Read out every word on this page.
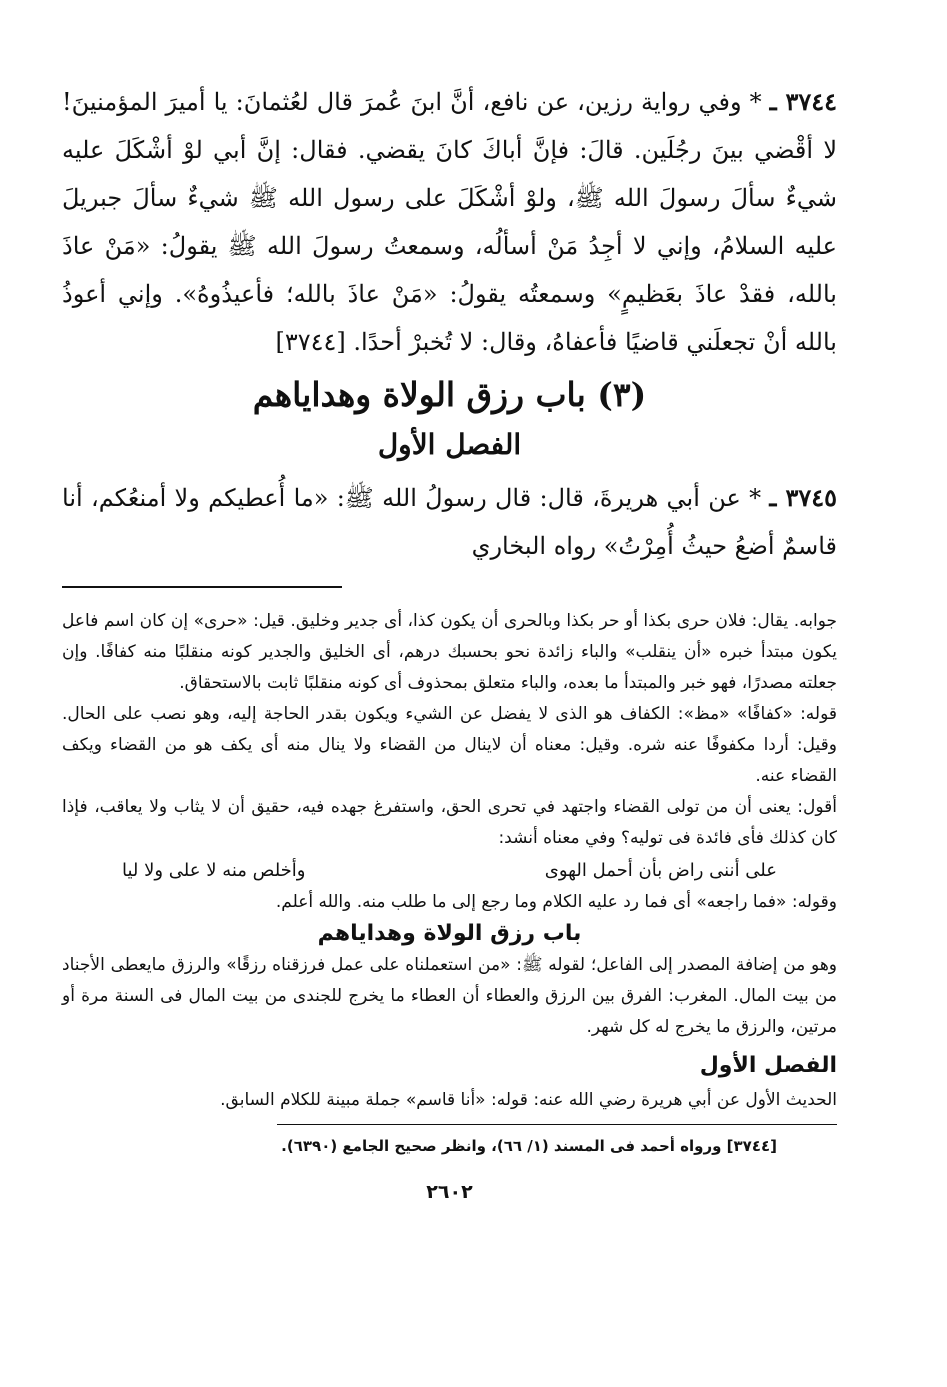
٣٧٤٤ ـ * وفي رواية رزين، عن نافع، أنَّ ابنَ عُمرَ قال لعُثمانَ: يا أميرَ المؤمنينَ! لا أقْضي بينَ رجُلَين. قالَ: فإنَّ أباكَ كانَ يقضي. فقال: إنَّ أبي لوْ أشْكَلَ عليه شيءٌ سألَ رسولَ الله ﷺ، ولوْ أشْكَلَ على رسول الله ﷺ شيءٌ سألَ جبريلَ عليه السلامُ، وإني لا أجِدُ مَنْ أسألُه، وسمعتُ رسولَ الله ﷺ يقولُ: «مَنْ عاذَ بالله، فقدْ عاذَ بعَظيمٍ» وسمعتُه يقولُ: «مَنْ عاذَ بالله؛ فأعيذُوهُ». وإني أعوذُ بالله أنْ تجعلَني قاضيًا فأعفاهُ، وقال: لا تُخبرْ أحدًا. [٣٧٤٤]

(٣) باب رزق الولاة وهداياهم
الفصل الأول

٣٧٤٥ ـ * عن أبي هريرةَ، قال: قال رسولُ الله ﷺ: «ما أُعطيكم ولا أمنعُكم، أنا قاسمٌ أضعُ حيثُ أُمِرْتُ» رواه البخاري

جوابه. يقال: فلان حرى بكذا أو حر بكذا وبالحرى أن يكون كذا، أى جدير وخليق. قيل: «حرى» إن كان اسم فاعل يكون مبتدأ خبره «أن ينقلب» والباء زائدة نحو بحسبك درهم، أى الخليق والجدير كونه منقلبًا منه كفافًا. وإن جعلته مصدرًا، فهو خبر والمبتدأ ما بعده، والباء متعلق بمحذوف أى كونه منقلبًا ثابت بالاستحقاق.

قوله: «كفافًا» «مظ»: الكفاف هو الذى لا يفضل عن الشيء ويكون بقدر الحاجة إليه، وهو نصب على الحال. وقيل: أردا مكفوفًا عنه شره. وقيل: معناه أن لاينال من القضاء ولا ينال منه أى يكف هو من القضاء ويكف القضاء عنه.

أقول: يعنى أن من تولى القضاء واجتهد في تحرى الحق، واستفرغ جهده فيه، حقيق أن لا يثاب ولا يعاقب، فإذا كان كذلك فأى فائدة فى توليه؟ وفي معناه أنشد:

على أننى راض بأن أحمل الهوى
وأخلص منه لا على ولا ليا

وقوله: «فما راجعه» أى فما رد عليه الكلام وما رجع إلى ما طلب منه. والله أعلم.

باب رزق الولاة وهداياهم

وهو من إضافة المصدر إلى الفاعل؛ لقوله ﷺ: «من استعملناه على عمل فرزقناه رزقًا» والرزق مايعطى الأجناد من بيت المال. المغرب: الفرق بين الرزق والعطاء أن العطاء ما يخرج للجندى من بيت المال فى السنة مرة أو مرتين، والرزق ما يخرج له كل شهر.

الفصل الأول

الحديث الأول عن أبي هريرة رضي الله عنه: قوله: «أنا قاسم» جملة مبينة للكلام السابق.

[٣٧٤٤] ورواه أحمد فى المسند (١/ ٦٦)، وانظر صحيح الجامع (٦٣٩٠).

٢٦٠٢
